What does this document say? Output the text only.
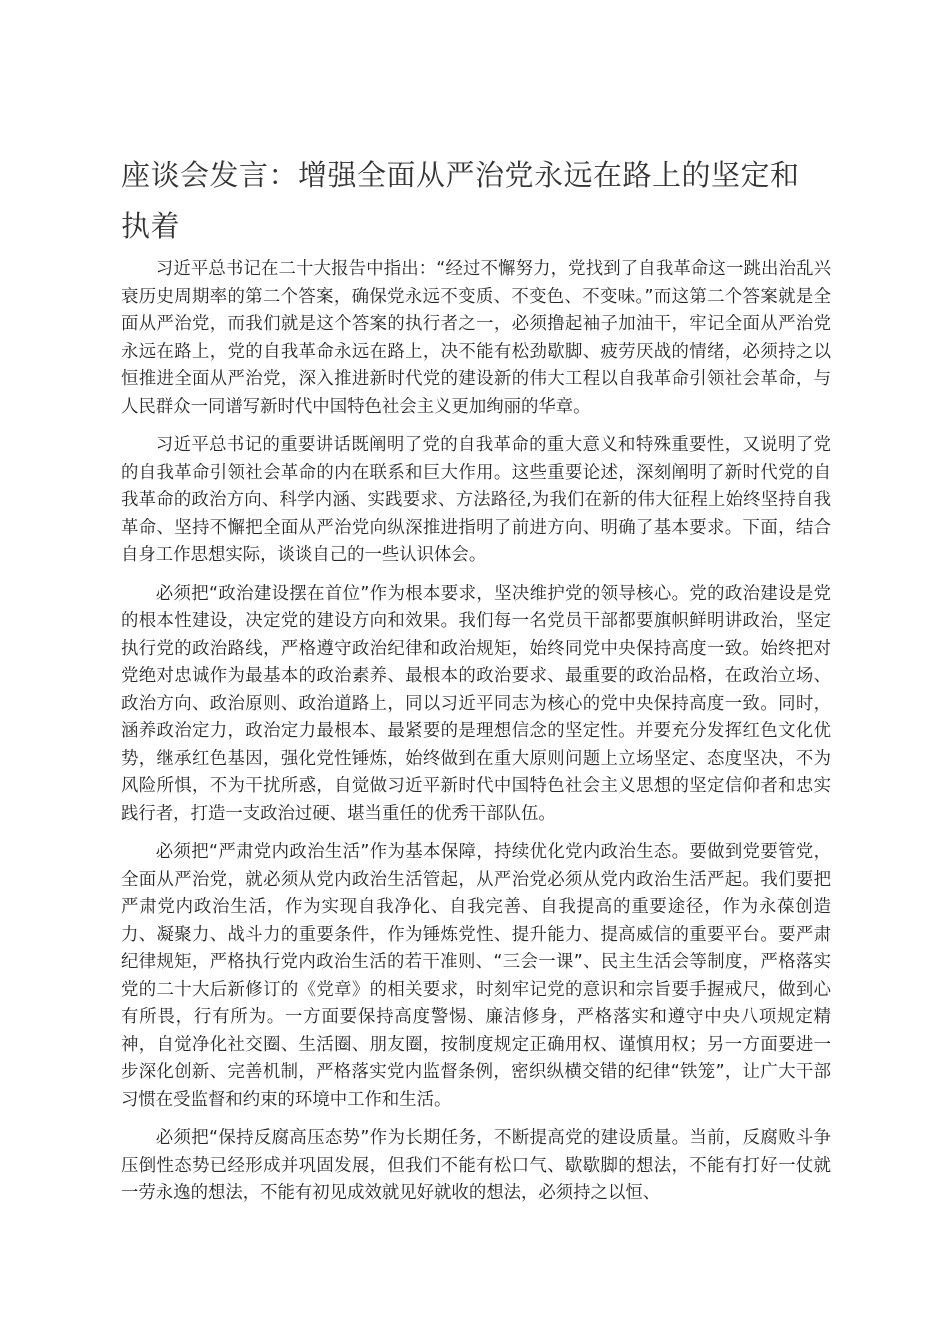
座谈会发言：增强全面从严治党永远在路上的坚定和执着

习近平总书记在二十大报告中指出：“经过不懈努力，党找到了自我革命这一跳出治乱兴衰历史周期率的第二个答案，确保党永远不变质、不变色、不变味。”而这第二个答案就是全面从严治党，而我们就是这个答案的执行者之一，必须撸起袖子加油干，牢记全面从严治党永远在路上，党的自我革命永远在路上，决不能有松劲歇脚、疲劳厌战的情绪，必须持之以恒推进全面从严治党，深入推进新时代党的建设新的伟大工程以自我革命引领社会革命，与人民群众一同谱写新时代中国特色社会主义更加绚丽的华章。

习近平总书记的重要讲话既阐明了党的自我革命的重大意义和特殊重要性，又说明了党的自我革命引领社会革命的内在联系和巨大作用。这些重要论述，深刻阐明了新时代党的自我革命的政治方向、科学内涵、实践要求、方法路径,为我们在新的伟大征程上始终坚持自我革命、坚持不懈把全面从严治党向纵深推进指明了前进方向、明确了基本要求。下面，结合自身工作思想实际，谈谈自己的一些认识体会。

必须把“政治建设摆在首位”作为根本要求，坚决维护党的领导核心。党的政治建设是党的根本性建设，决定党的建设方向和效果。我们每一名党员干部都要旗帜鲜明讲政治，坚定执行党的政治路线，严格遵守政治纪律和政治规矩，始终同党中央保持高度一致。始终把对党绝对忠诚作为最基本的政治素养、最根本的政治要求、最重要的政治品格，在政治立场、政治方向、政治原则、政治道路上，同以习近平同志为核心的党中央保持高度一致。同时，涵养政治定力，政治定力最根本、最紧要的是理想信念的坚定性。并要充分发挥红色文化优势，继承红色基因，强化党性锤炼，始终做到在重大原则问题上立场坚定、态度坚决，不为风险所惧，不为干扰所惑，自觉做习近平新时代中国特色社会主义思想的坚定信仰者和忠实践行者，打造一支政治过硬、堪当重任的优秀干部队伍。

必须把“严肃党内政治生活”作为基本保障，持续优化党内政治生态。要做到党要管党，全面从严治党，就必须从党内政治生活管起，从严治党必须从党内政治生活严起。我们要把严肃党内政治生活，作为实现自我净化、自我完善、自我提高的重要途径，作为永葆创造力、凝聚力、战斗力的重要条件，作为锤炼党性、提升能力、提高威信的重要平台。要严肃纪律规矩，严格执行党内政治生活的若干准则、“三会一课”、民主生活会等制度，严格落实党的二十大后新修订的《党章》的相关要求，时刻牢记党的意识和宗旨要手握戒尺，做到心有所畏，行有所为。一方面要保持高度警惕、廉洁修身，严格落实和遵守中央八项规定精神，自觉净化社交圈、生活圈、朋友圈，按制度规定正确用权、谨慎用权；另一方面要进一步深化创新、完善机制，严格落实党内监督条例，密织纵横交错的纪律“铁笼”，让广大干部习惯在受监督和约束的环境中工作和生活。

必须把“保持反腐高压态势”作为长期任务，不断提高党的建设质量。当前，反腐败斗争压倒性态势已经形成并巩固发展，但我们不能有松口气、歇歇脚的想法，不能有打好一仗就一劳永逸的想法，不能有初见成效就见好就收的想法，必须持之以恒、
